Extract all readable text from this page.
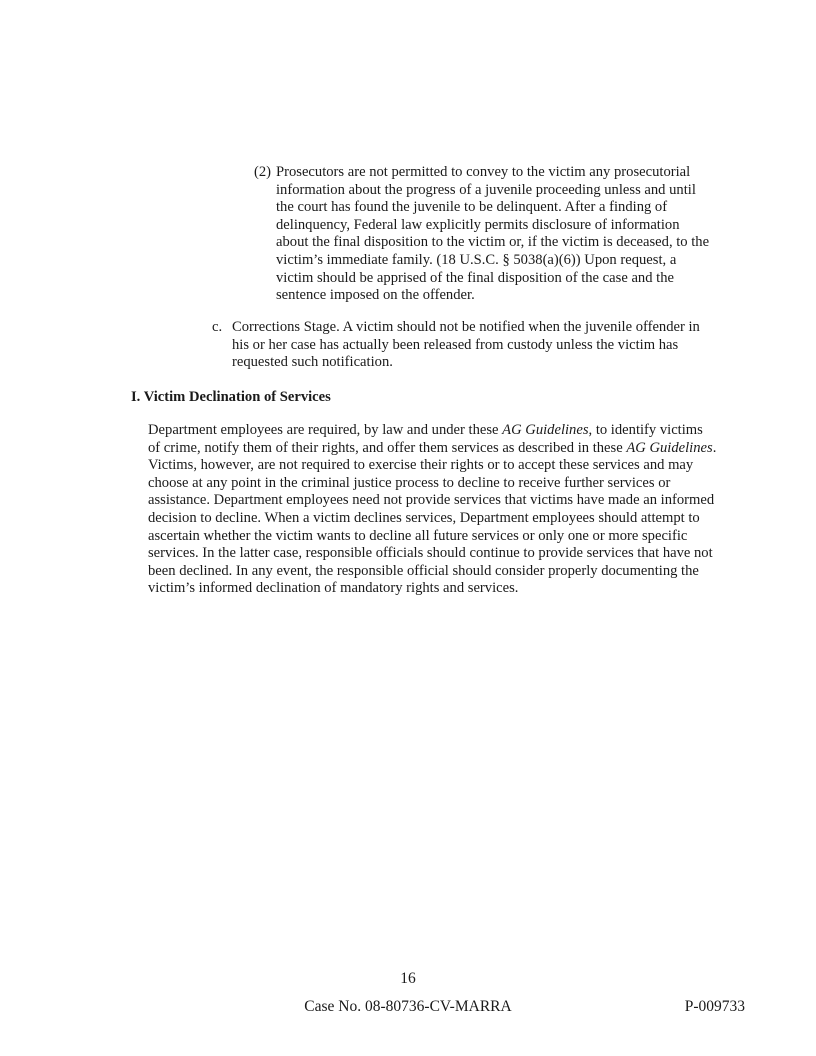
(2) Prosecutors are not permitted to convey to the victim any prosecutorial information about the progress of a juvenile proceeding unless and until the court has found the juvenile to be delinquent. After a finding of delinquency, Federal law explicitly permits disclosure of information about the final disposition to the victim or, if the victim is deceased, to the victim’s immediate family. (18 U.S.C. § 5038(a)(6)) Upon request, a victim should be apprised of the final disposition of the case and the sentence imposed on the offender.

c. Corrections Stage. A victim should not be notified when the juvenile offender in his or her case has actually been released from custody unless the victim has requested such notification.

I. Victim Declination of Services

Department employees are required, by law and under these AG Guidelines, to identify victims of crime, notify them of their rights, and offer them services as described in these AG Guidelines. Victims, however, are not required to exercise their rights or to accept these services and may choose at any point in the criminal justice process to decline to receive further services or assistance. Department employees need not provide services that victims have made an informed decision to decline. When a victim declines services, Department employees should attempt to ascertain whether the victim wants to decline all future services or only one or more specific services. In the latter case, responsible officials should continue to provide services that have not been declined. In any event, the responsible official should consider properly documenting the victim’s informed declination of mandatory rights and services.

16
Case No. 08-80736-CV-MARRA	P-009733
